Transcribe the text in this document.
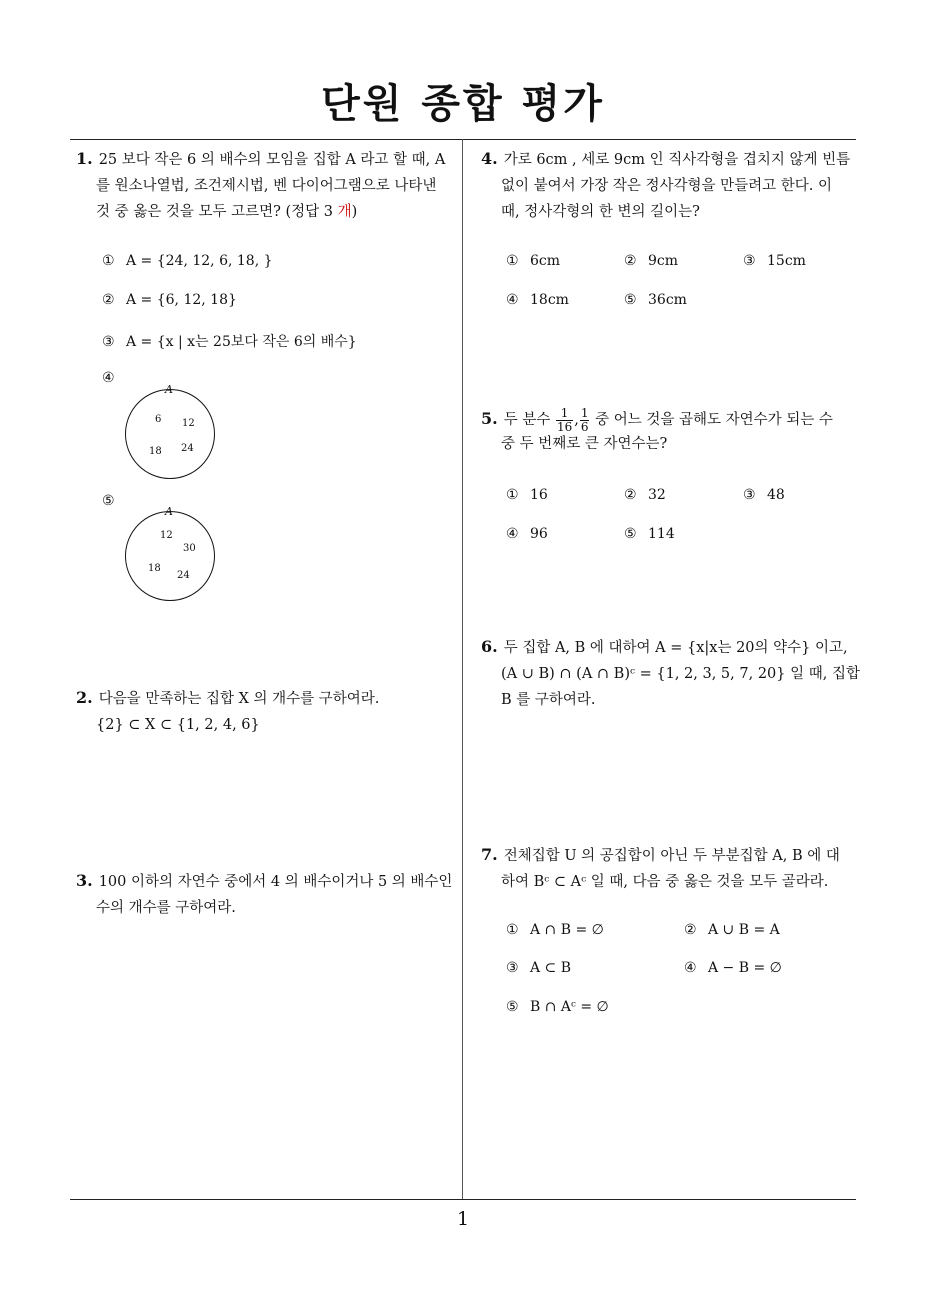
단원 종합 평가
1. 25 보다 작은 6 의 배수의 모임을 집합 A 라고 할 때, A
를 원소나열법, 조건제시법, 벤 다이어그램으로 나타낸
것 중 옳은 것을 모두 고르면? (정답 3 개)
① A = {24, 12, 6, 18, }
② A = {6, 12, 18}
③ A = {x | x는 25보다 작은 6의 배수}
④
⑤
A
6 12
18 24
A
12
30
18
24
2. 다음을 만족하는 집합 X 의 개수를 구하여라.
{2} ⊂ X ⊂ {1, 2, 4, 6}
3. 100 이하의 자연수 중에서 4 의 배수이거나 5 의 배수인
수의 개수를 구하여라.
4. 가로 6cm , 세로 9cm 인 직사각형을 겹치지 않게 빈틈
없이 붙여서 가장 작은 정사각형을 만들려고 한다. 이
때, 정사각형의 한 변의 길이는?
① 6cm	② 9cm	③ 15cm
④ 18cm	⑤ 36cm
5. 두 분수 $\frac{1}{16}$ , $\frac{1}{6}$ 중 어느 것을 곱해도 자연수가 되는 수
중 두 번째로 큰 자연수는?
① 16	② 32	③ 48
④ 96	⑤ 114
6. 두 집합 A, B 에 대하여 A = {x|x는 20의 약수} 이고,
(A ∪ B) ∩ (A ∩ B)ᶜ = {1, 2, 3, 5, 7, 20} 일 때, 집합
B 를 구하여라.
7. 전체집합 U 의 공집합이 아닌 두 부분집합 A, B 에 대
하여 Bᶜ ⊂ Aᶜ 일 때, 다음 중 옳은 것을 모두 골라라.
① A ∩ B = ∅	② A ∪ B = A
③ A ⊂ B	④ A − B = ∅
⑤ B ∩ Aᶜ = ∅
1
